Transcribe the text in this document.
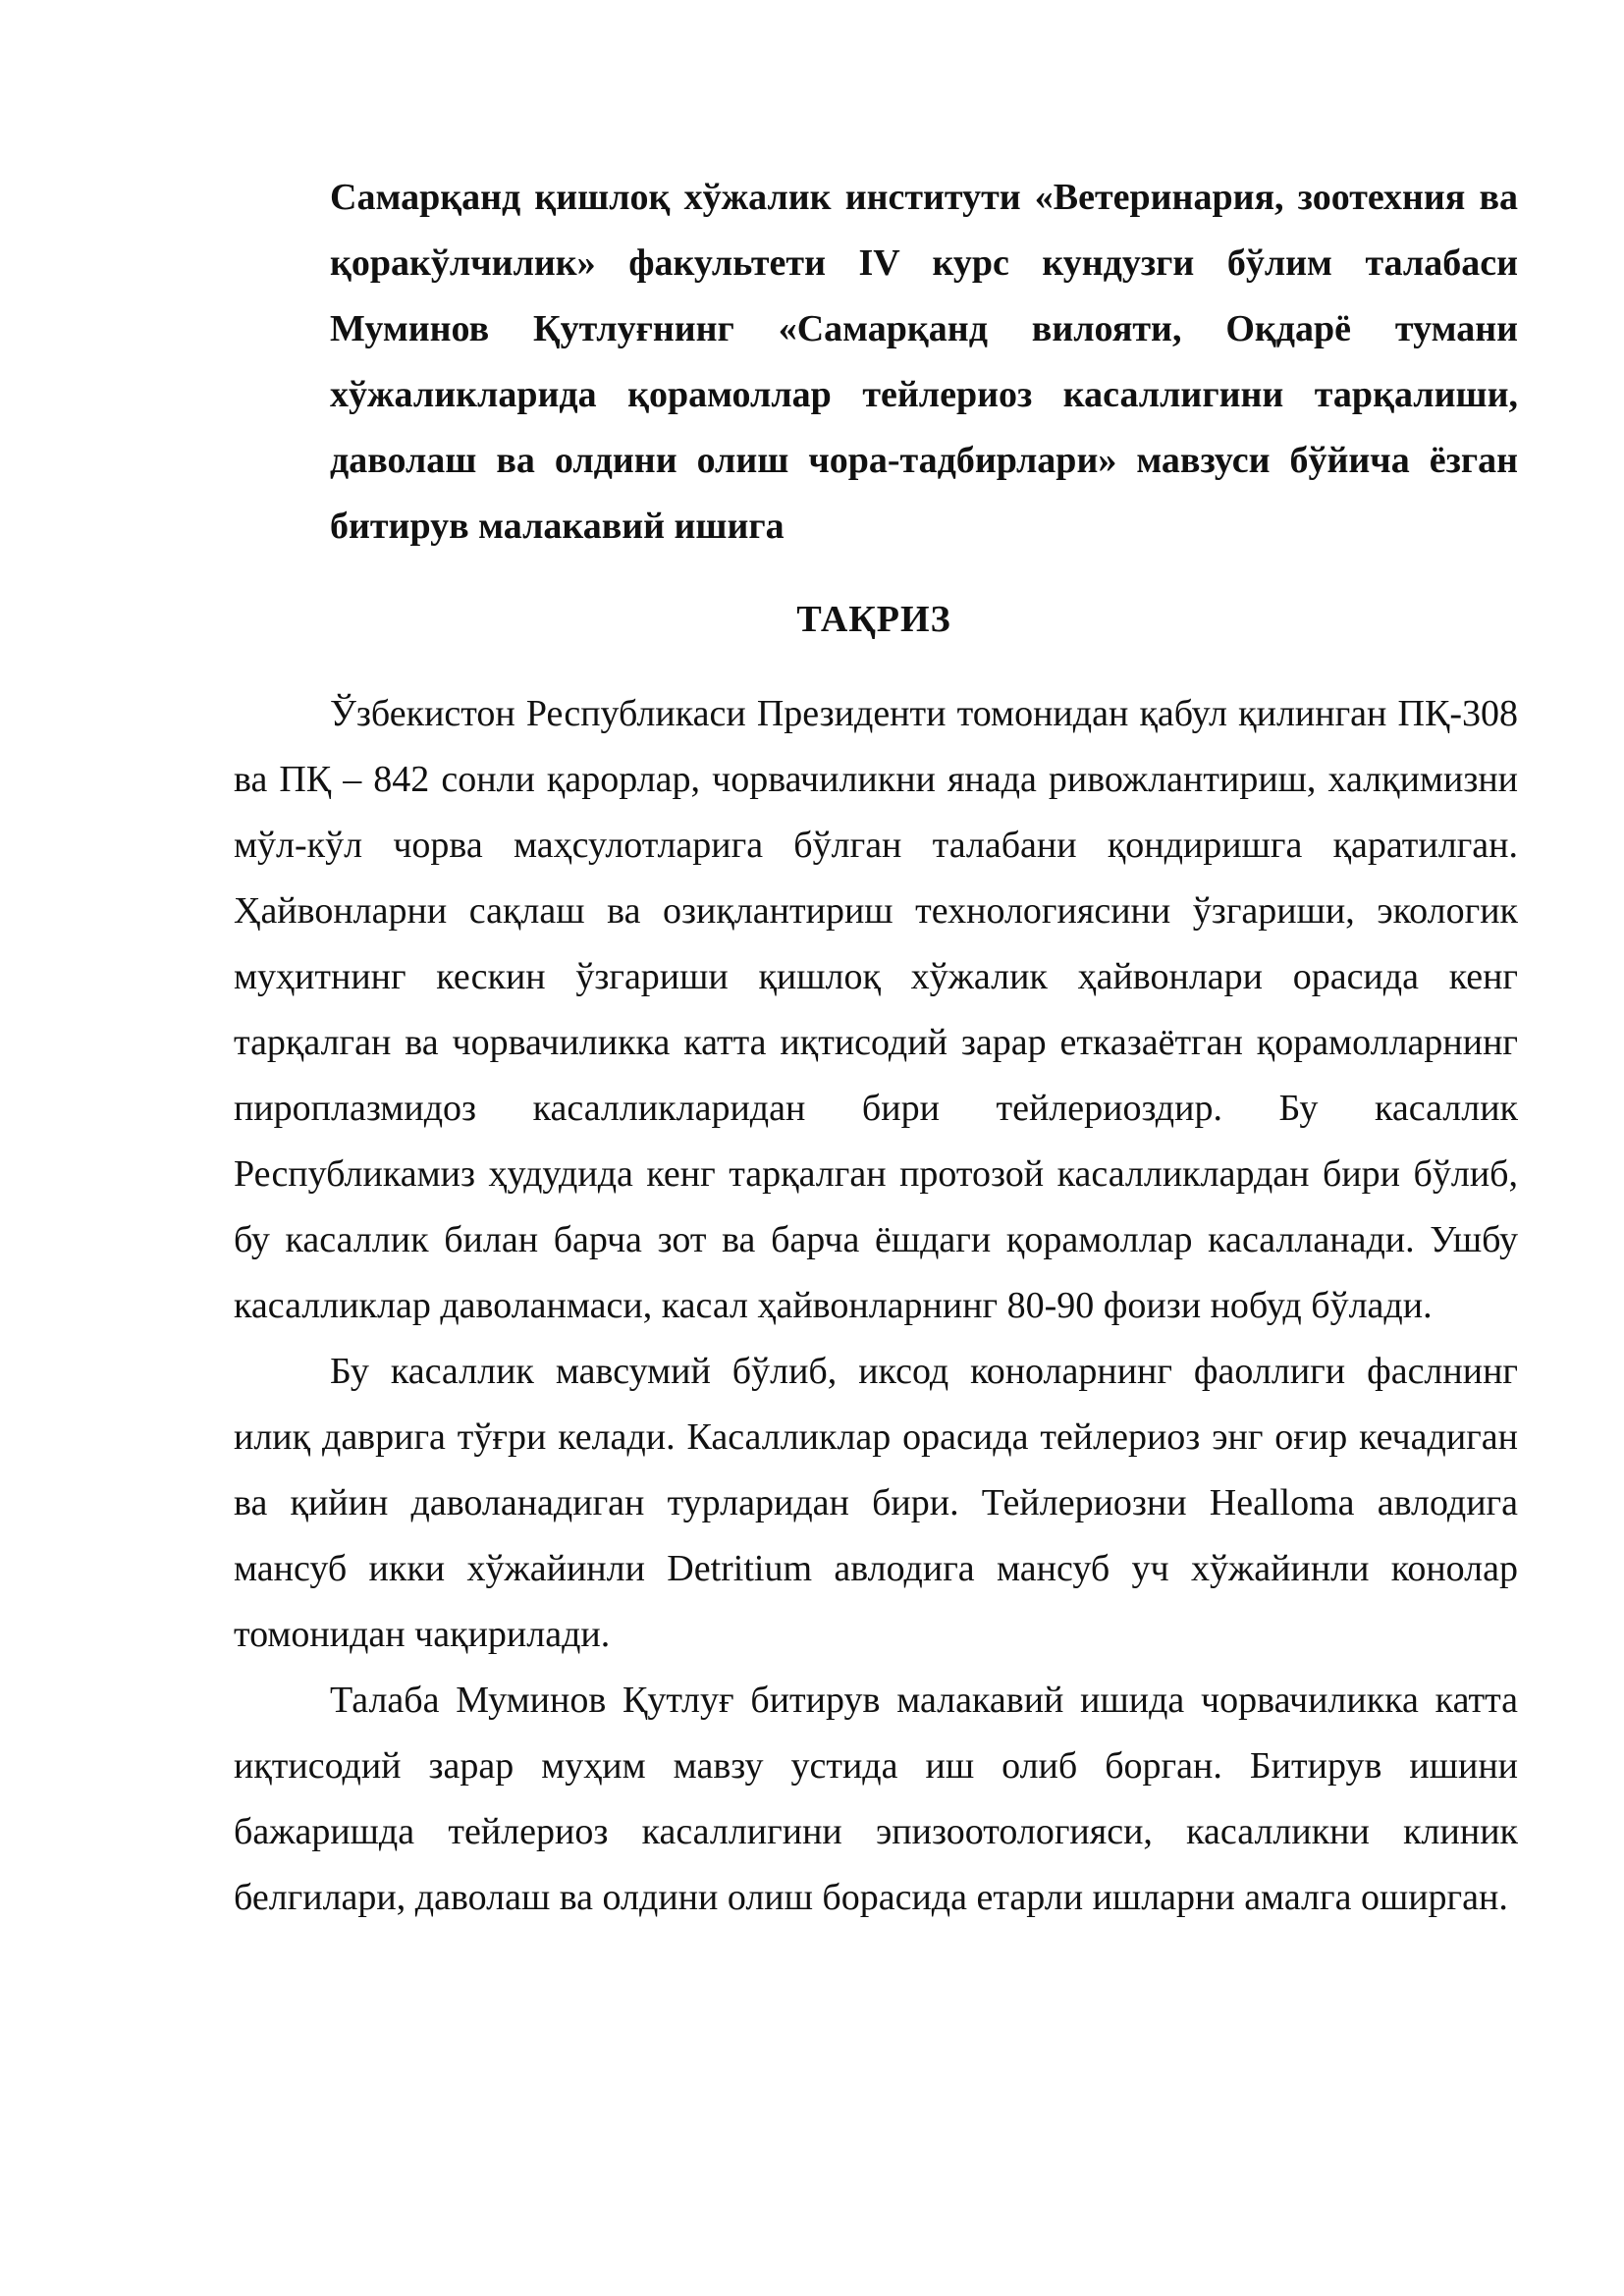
Самарқанд қишлоқ хўжалик институти «Ветеринария, зоотехния ва қоракўлчилик» факультети IV курс кундузги бўлим талабаси Муминов Қутлуғнинг «Самарқанд вилояти, Оқдарё тумани хўжаликларида қорамоллар тейлериоз касаллигини тарқалиши, даволаш ва олдини олиш чора-тадбирлари» мавзуси бўйича ёзган битирув малакавий ишига
ТАҚРИЗ

Ўзбекистон Республикаси Президенти томонидан қабул қилинган ПҚ-308 ва ПҚ – 842 сонли қарорлар, чорвачиликни янада ривожлантириш, халқимизни мўл-кўл чорва маҳсулотларига бўлган талабани қондиришга қаратилган. Ҳайвонларни сақлаш ва озиқлантириш технологиясини ўзгариши, экологик муҳитнинг кескин ўзгариши қишлоқ хўжалик ҳайвонлари орасида кенг тарқалган ва чорвачиликка катта иқтисодий зарар етказаётган қорамолларнинг пироплазмидоз касалликларидан бири тейлериоздир. Бу касаллик Республикамиз ҳудудида кенг тарқалган протозой касалликлардан бири бўлиб, бу касаллик билан барча зот ва барча ёшдаги қорамоллар касалланади. Ушбу касалликлар даволанмаси, касал ҳайвонларнинг 80-90 фоизи нобуд бўлади.

Бу касаллик мавсумий бўлиб, иксод коноларнинг фаоллиги фаслнинг илиқ даврига тўғри келади. Касалликлар орасида тейлериоз энг оғир кечадиган ва қийин даволанадиган турларидан бири. Тейлериозни Healloma авлодига мансуб икки хўжайинли Detritium авлодига мансуб уч хўжайинли конолар томонидан чақирилади.

Талаба Муминов Қутлуғ битирув малакавий ишида чорвачиликка катта иқтисодий зарар муҳим мавзу устида иш олиб борган. Битирув ишини бажаришда тейлериоз касаллигини эпизоотологияси, касалликни клиник белгилари, даволаш ва олдини олиш борасида етарли ишларни амалга оширган.
